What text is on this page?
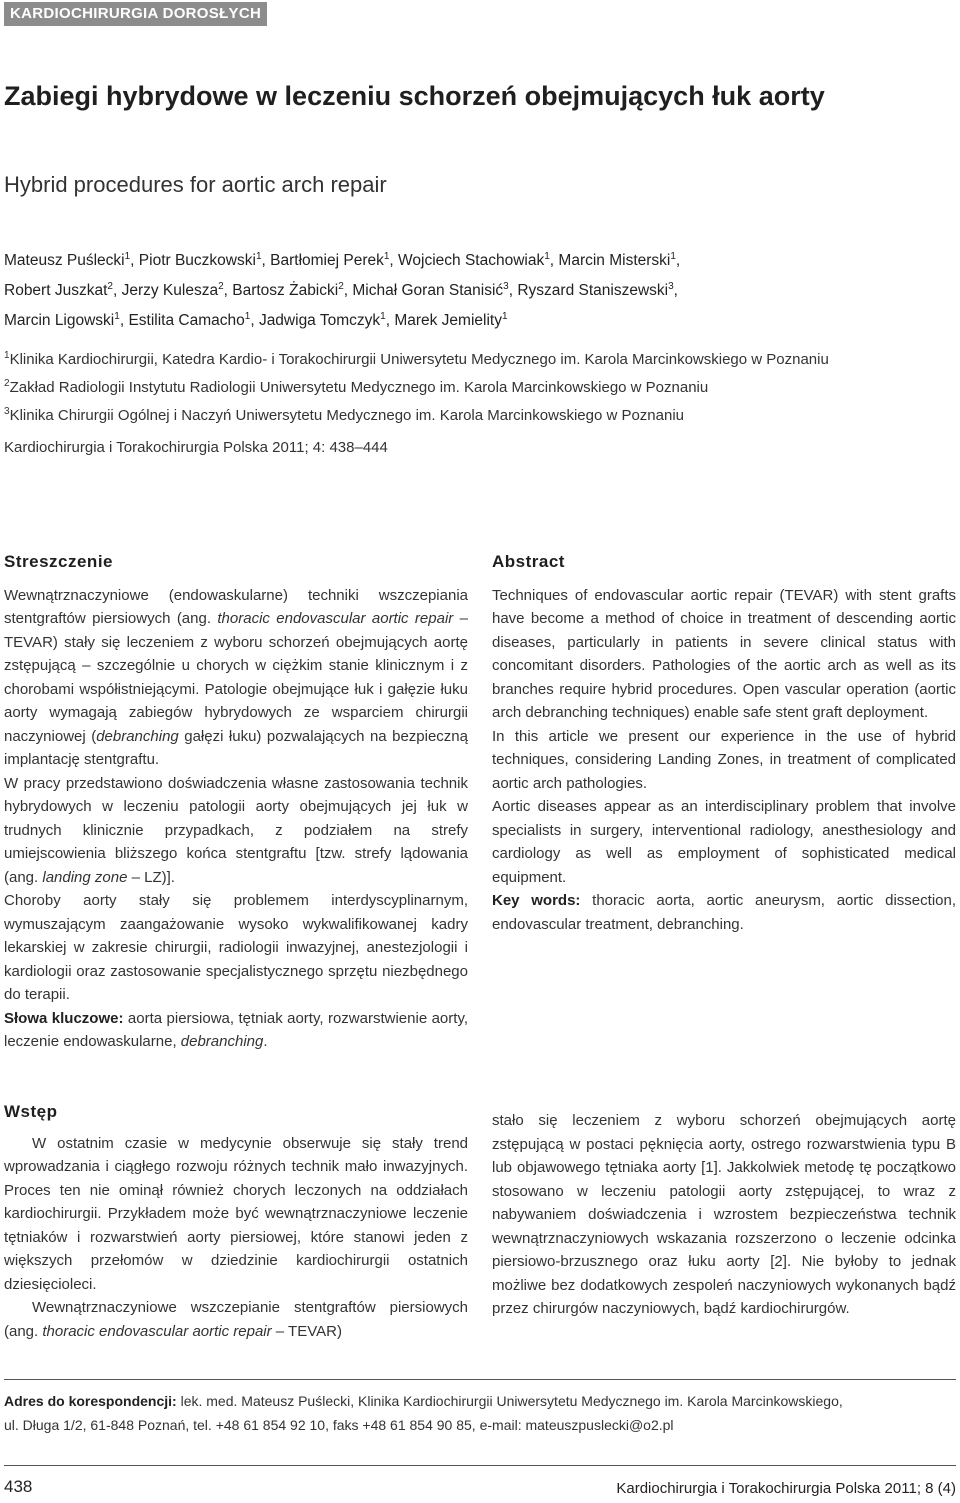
KARDIOCHIRURGIA DOROSŁYCH
Zabiegi hybrydowe w leczeniu schorzeń obejmujących łuk aorty
Hybrid procedures for aortic arch repair
Mateusz Puślecki$^1$, Piotr Buczkowski$^1$, Bartłomiej Perek$^1$, Wojciech Stachowiak$^1$, Marcin Misterski$^1$,
Robert Juszkat$^2$, Jerzy Kulesza$^2$, Bartosz Żabicki$^2$, Michał Goran Stanisić$^3$, Ryszard Staniszewski$^3$,
Marcin Ligowski$^1$, Estilita Camacho$^1$, Jadwiga Tomczyk$^1$, Marek Jemielity$^1$
$^1$Klinika Kardiochirurgii, Katedra Kardio- i Torakochirurgii Uniwersytetu Medycznego im. Karola Marcinkowskiego w Poznaniu
$^2$Zakład Radiologii Instytutu Radiologii Uniwersytetu Medycznego im. Karola Marcinkowskiego w Poznaniu
$^3$Klinika Chirurgii Ogólnej i Naczyń Uniwersytetu Medycznego im. Karola Marcinkowskiego w Poznaniu
Kardiochirurgia i Torakochirurgia Polska 2011; 4: 438–444
Streszczenie

Wewnątrznaczyniowe (endowaskularne) techniki wszczepiania stentgraftów piersiowych (ang. thoracic endovascular aortic repair – TEVAR) stały się leczeniem z wyboru schorzeń obejmujących aortę zstępującą – szczególnie u chorych w ciężkim stanie klinicznym i z chorobami współistniejącymi. Patologie obejmujące łuk i gałęzie łuku aorty wymagają zabiegów hybrydowych ze wsparciem chirurgii naczyniowej (debranching gałęzi łuku) pozwalających na bezpieczną implantację stentgraftu.

W pracy przedstawiono doświadczenia własne zastosowania technik hybrydowych w leczeniu patologii aorty obejmujących jej łuk w trudnych klinicznie przypadkach, z podziałem na strefy umiejscowienia bliższego końca stentgraftu [tzw. strefy lądowania (ang. landing zone – LZ)].

Choroby aorty stały się problemem interdyscyplinarnym, wymuszającym zaangażowanie wysoko wykwalifikowanej kadry lekarskiej w zakresie chirurgii, radiologii inwazyjnej, anestezjologii i kardiologii oraz zastosowanie specjalistycznego sprzętu niezbędnego do terapii.

Słowa kluczowe: aorta piersiowa, tętniak aorty, rozwarstwienie aorty, leczenie endowaskularne, debranching.

Abstract

Techniques of endovascular aortic repair (TEVAR) with stent grafts have become a method of choice in treatment of descending aortic diseases, particularly in patients in severe clinical status with concomitant disorders. Pathologies of the aortic arch as well as its branches require hybrid procedures. Open vascular operation (aortic arch debranching techniques) enable safe stent graft deployment.

In this article we present our experience in the use of hybrid techniques, considering Landing Zones, in treatment of complicated aortic arch pathologies.

Aortic diseases appear as an interdisciplinary problem that involve specialists in surgery, interventional radiology, anesthesiology and cardiology as well as employment of sophisticated medical equipment.

Key words: thoracic aorta, aortic aneurysm, aortic dissection, endovascular treatment, debranching.

Wstęp

W ostatnim czasie w medycynie obserwuje się stały trend wprowadzania i ciągłego rozwoju różnych technik mało inwazyjnych. Proces ten nie ominął również chorych leczonych na oddziałach kardiochirurgii. Przykładem może być wewnątrznaczyniowe leczenie tętniaków i rozwarstwień aorty piersiowej, które stanowi jeden z większych przełomów w dziedzinie kardiochirurgii ostatnich dziesięcioleci.

Wewnątrznaczyniowe wszczepianie stentgraftów piersiowych (ang. thoracic endovascular aortic repair – TEVAR)

stało się leczeniem z wyboru schorzeń obejmujących aortę zstępującą w postaci pęknięcia aorty, ostrego rozwarstwienia typu B lub objawowego tętniaka aorty [1]. Jakkolwiek metodę tę początkowo stosowano w leczeniu patologii aorty zstępującej, to wraz z nabywaniem doświadczenia i wzrostem bezpieczeństwa technik wewnątrznaczyniowych wskazania rozszerzono o leczenie odcinka piersiowo-brzusznego oraz łuku aorty [2]. Nie byłoby to jednak możliwe bez dodatkowych zespoleń naczyniowych wykonanych bądź przez chirurgów naczyniowych, bądź kardiochirurgów.

Adres do korespondencji: lek. med. Mateusz Puślecki, Klinika Kardiochirurgii Uniwersytetu Medycznego im. Karola Marcinkowskiego,
ul. Długa 1/2, 61-848 Poznań, tel. +48 61 854 92 10, faks +48 61 854 90 85, e-mail: mateuszpuslecki@o2.pl
438	Kardiochirurgia i Torakochirurgia Polska 2011; 8 (4)
